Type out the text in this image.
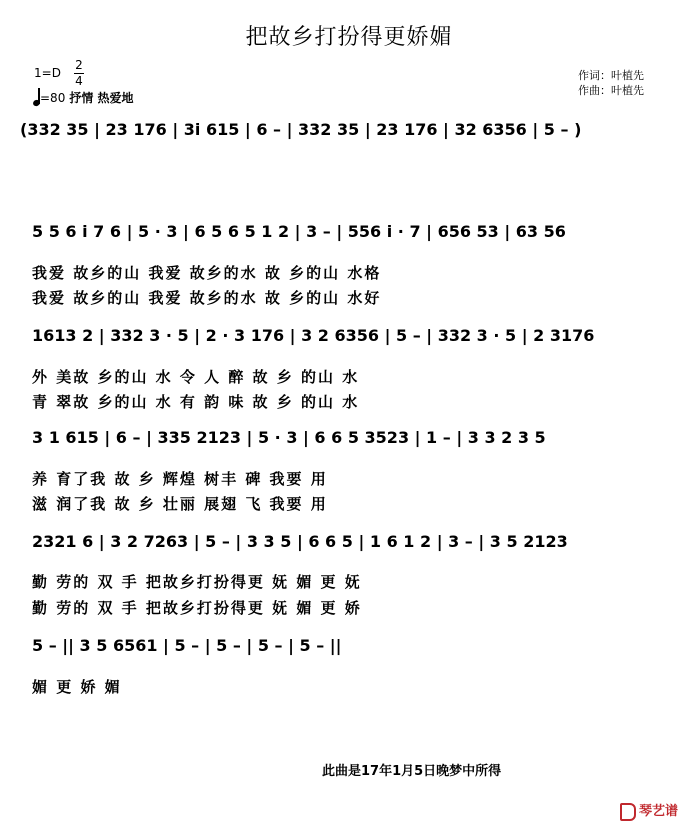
把故乡打扮得更娇媚
1=D
2
4
=80 抒情 热爱地
作词：叶植先
作曲：叶植先
(332 35 | 23 176 | 3i 615 | 6 – | 332 35 | 23 176 | 32 6356 | 5 – )
5 5 6 i 7 6 | 5 · 3 | 6 5 6 5 1 2 | 3 – | 556 i · 7 | 656 53 | 63 56
我爱 故乡的山 我爱 故乡的水 故 乡的山 水格
我爱 故乡的山 我爱 故乡的水 故 乡的山 水好
1613 2 | 332 3 · 5 | 2 · 3 176 | 3 2 6356 | 5 – | 332 3 · 5 | 2 3176
外 美故 乡的山 水 令 人 醉 故 乡 的山 水
青 翠故 乡的山 水 有 韵 味 故 乡 的山 水
3 1 615 | 6 – | 335 2123 | 5 · 3 | 6 6 5 3523 | 1 – | 3 3 2 3 5
养 育了我 故 乡 辉煌 树丰 碑 我要 用
滋 润了我 故 乡 壮丽 展翅 飞 我要 用
2321 6 | 3 2 7263 | 5 – | 3 3 5 | 6 6 5 | 1 6 1 2 | 3 – | 3 5 2123
勤 劳的 双 手 把故乡打扮得更 妩 媚 更 妩
勤 劳的 双 手 把故乡打扮得更 妩 媚 更 娇
5 – || 3 5 6561 | 5 – | 5 – | 5 – | 5 – ||
媚 更 娇 媚
此曲是17年1月5日晚梦中所得
琴艺谱
